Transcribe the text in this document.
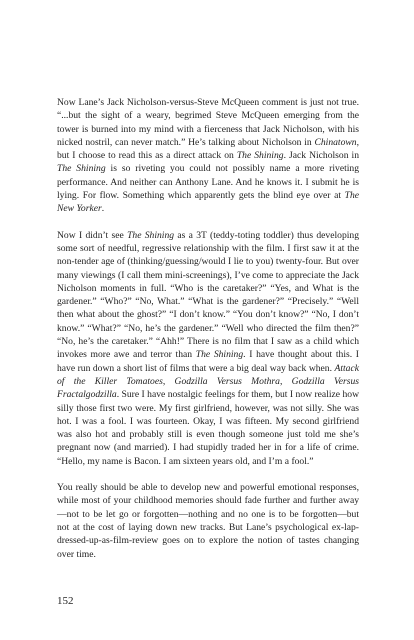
Now Lane’s Jack Nicholson-versus-Steve McQueen comment is just not true. “...but the sight of a weary, begrimed Steve McQueen emerging from the tower is burned into my mind with a fierceness that Jack Nicholson, with his nicked nostril, can never match.” He’s talking about Nicholson in Chinatown, but I choose to read this as a direct attack on The Shining. Jack Nicholson in The Shining is so riveting you could not possibly name a more riveting performance. And neither can Anthony Lane. And he knows it. I submit he is lying. For flow. Something which apparently gets the blind eye over at The New Yorker.

Now I didn’t see The Shining as a 3T (teddy-toting toddler) thus developing some sort of needful, regressive relationship with the film. I first saw it at the non-tender age of (thinking/guessing/would I lie to you) twenty-four. But over many viewings (I call them mini-screenings), I’ve come to appreciate the Jack Nicholson moments in full. “Who is the caretaker?” “Yes, and What is the gardener.” “Who?” “No, What.” “What is the gardener?” “Precisely.” “Well then what about the ghost?” “I don’t know.” “You don’t know?” “No, I don’t know.” “What?” “No, he’s the gardener.” “Well who directed the film then?” “No, he’s the caretaker.” “Ahh!” There is no film that I saw as a child which invokes more awe and terror than The Shining. I have thought about this. I have run down a short list of films that were a big deal way back when. Attack of the Killer Tomatoes, Godzilla Versus Mothra, Godzilla Versus Fractalgodzilla. Sure I have nostalgic feelings for them, but I now realize how silly those first two were. My first girlfriend, however, was not silly. She was hot. I was a fool. I was fourteen. Okay, I was fifteen. My second girlfriend was also hot and probably still is even though someone just told me she’s pregnant now (and married). I had stupidly traded her in for a life of crime. “Hello, my name is Bacon. I am sixteen years old, and I’m a fool.”

You really should be able to develop new and powerful emotional responses, while most of your childhood memories should fade further and further away—not to be let go or forgotten—nothing and no one is to be forgotten—but not at the cost of laying down new tracks. But Lane’s psychological ex-lap-dressed-up-as-film-review goes on to explore the notion of tastes changing over time.

152
